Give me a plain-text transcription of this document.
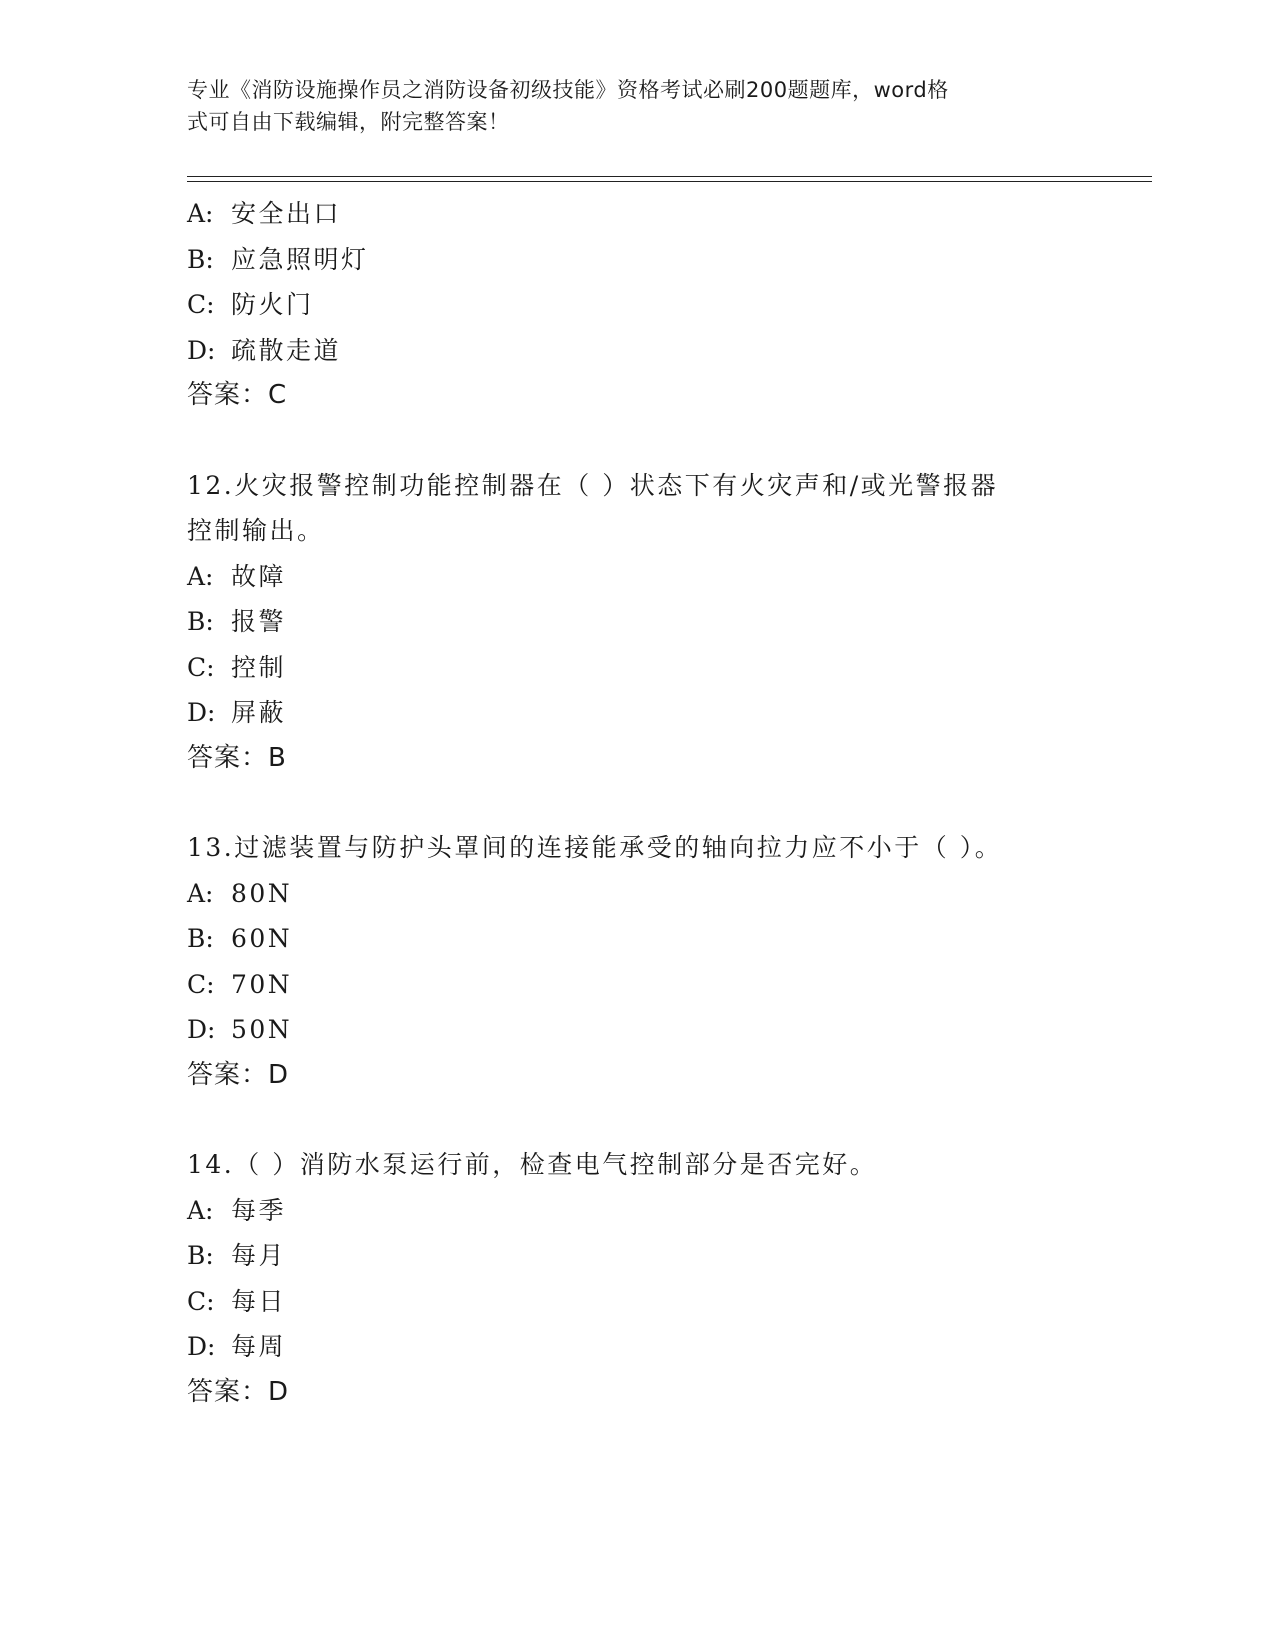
专业《消防设施操作员之消防设备初级技能》资格考试必刷200题题库，word格
式可自由下载编辑，附完整答案！
A: 安全出口
B: 应急照明灯
C: 防火门
D: 疏散走道
答案：C
12.火灾报警控制功能控制器在（ ）状态下有火灾声和/或光警报器
控制输出。
A: 故障
B: 报警
C: 控制
D: 屏蔽
答案：B
13.过滤装置与防护头罩间的连接能承受的轴向拉力应不小于（ ）。
A: 80N
B: 60N
C: 70N
D: 50N
答案：D
14.（ ）消防水泵运行前，检查电气控制部分是否完好。
A: 每季
B: 每月
C: 每日
D: 每周
答案：D
